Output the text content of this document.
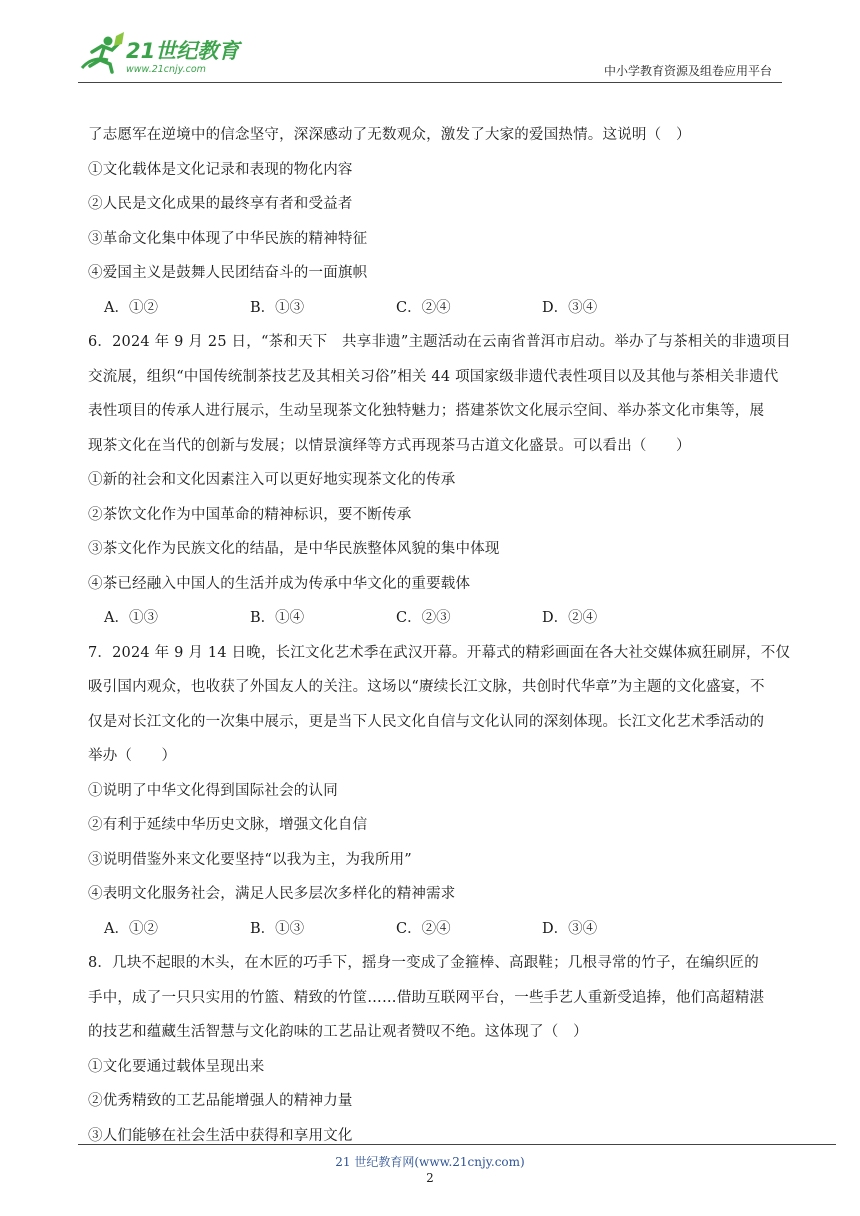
21世纪教育
www.21cnjy.com	中小学教育资源及组卷应用平台
了志愿军在逆境中的信念坚守，深深感动了无数观众，激发了大家的爱国热情。这说明（　）
①文化载体是文化记录和表现的物化内容
②人民是文化成果的最终享有者和受益者
③革命文化集中体现了中华民族的精神特征
④爱国主义是鼓舞人民团结奋斗的一面旗帜
A．①②	B．①③	C．②④	D．③④
6．2024 年 9 月 25 日，“茶和天下　共享非遗”主题活动在云南省普洱市启动。举办了与茶相关的非遗项目
交流展，组织“中国传统制茶技艺及其相关习俗”相关 44 项国家级非遗代表性项目以及其他与茶相关非遗代
表性项目的传承人进行展示，生动呈现茶文化独特魅力；搭建茶饮文化展示空间、举办茶文化市集等，展
现茶文化在当代的创新与发展；以情景演绎等方式再现茶马古道文化盛景。可以看出（　　）
①新的社会和文化因素注入可以更好地实现茶文化的传承
②茶饮文化作为中国革命的精神标识，要不断传承
③茶文化作为民族文化的结晶，是中华民族整体风貌的集中体现
④茶已经融入中国人的生活并成为传承中华文化的重要载体
A．①③	B．①④	C．②③	D．②④
7．2024 年 9 月 14 日晚，长江文化艺术季在武汉开幕。开幕式的精彩画面在各大社交媒体疯狂刷屏，不仅
吸引国内观众，也收获了外国友人的关注。这场以“赓续长江文脉，共创时代华章”为主题的文化盛宴，不
仅是对长江文化的一次集中展示，更是当下人民文化自信与文化认同的深刻体现。长江文化艺术季活动的
举办（　　）
①说明了中华文化得到国际社会的认同
②有利于延续中华历史文脉，增强文化自信
③说明借鉴外来文化要坚持“以我为主，为我所用”
④表明文化服务社会，满足人民多层次多样化的精神需求
A．①②	B．①③	C．②④	D．③④
8．几块不起眼的木头，在木匠的巧手下，摇身一变成了金箍棒、高跟鞋；几根寻常的竹子，在编织匠的
手中，成了一只只实用的竹篮、精致的竹筐……借助互联网平台，一些手艺人重新受追捧，他们高超精湛
的技艺和蕴藏生活智慧与文化韵味的工艺品让观者赞叹不绝。这体现了（　）
①文化要通过载体呈现出来
②优秀精致的工艺品能增强人的精神力量
③人们能够在社会生活中获得和享用文化
21 世纪教育网(www.21cnjy.com)
2
